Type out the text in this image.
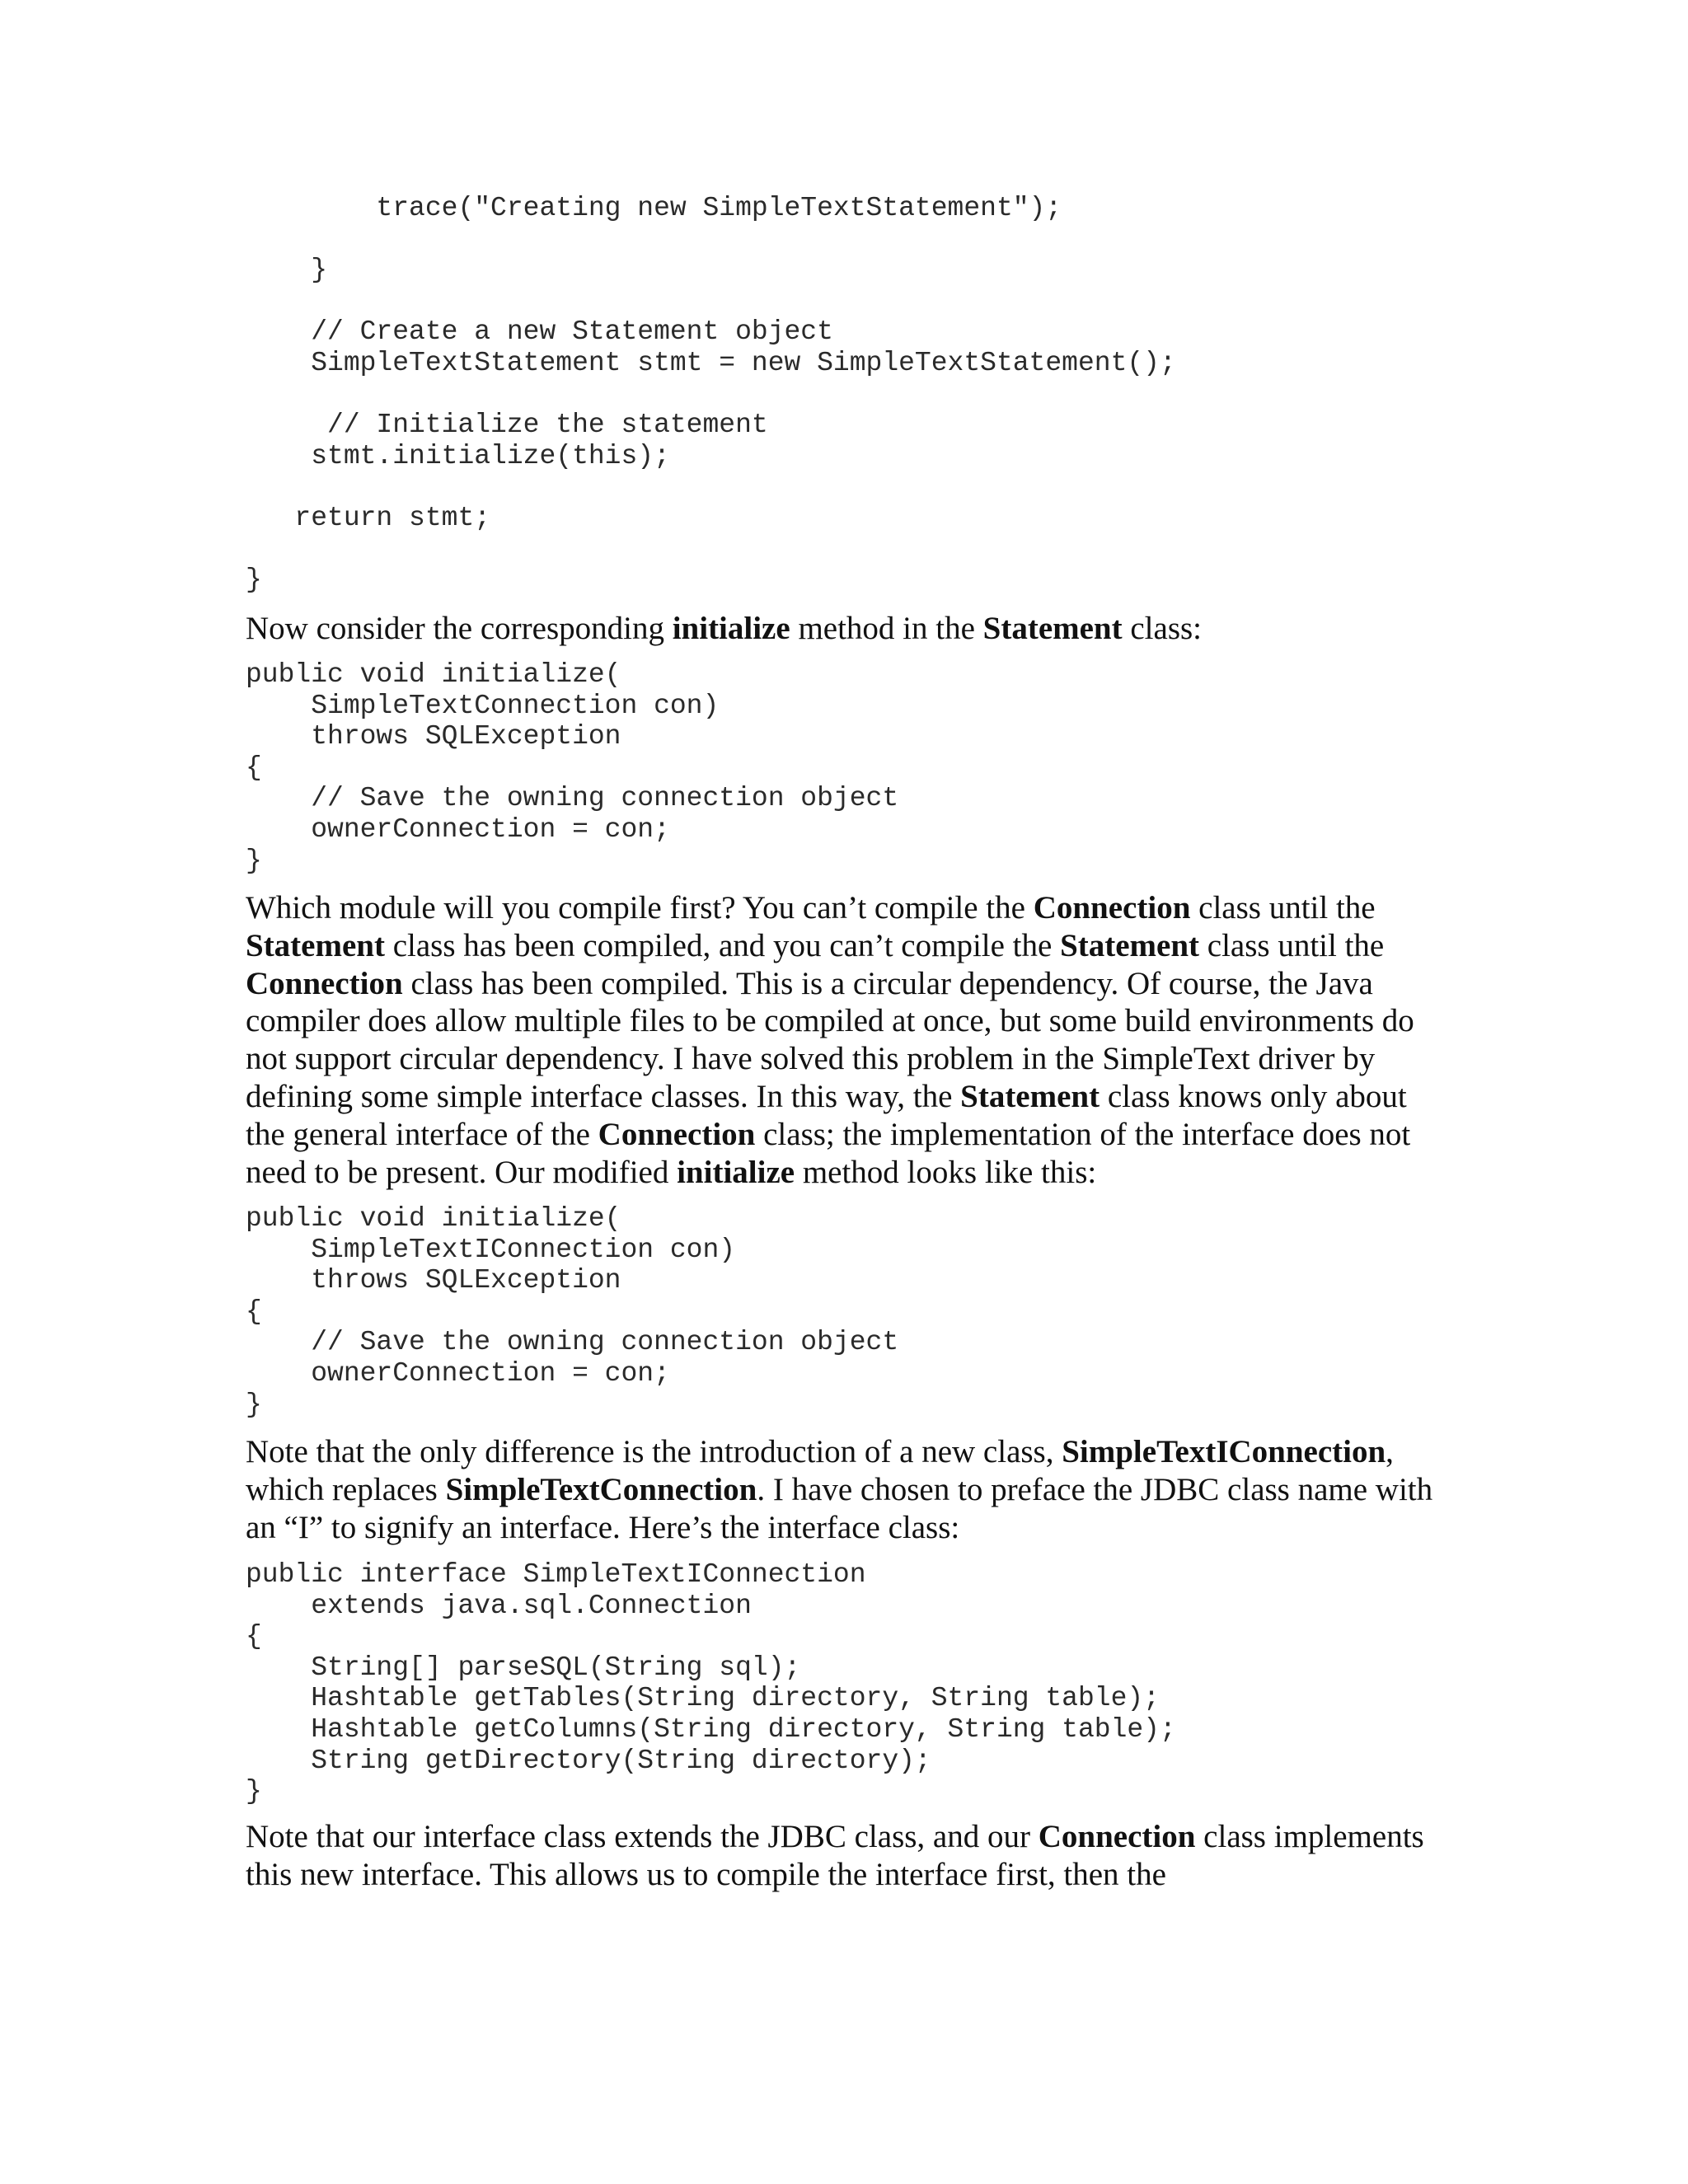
trace("Creating new SimpleTextStatement");

}

// Create a new Statement object
SimpleTextStatement stmt = new SimpleTextStatement();

// Initialize the statement
stmt.initialize(this);

return stmt;

}

Now consider the corresponding initialize method in the Statement class:

public void initialize(
SimpleTextConnection con)
throws SQLException
{
// Save the owning connection object
ownerConnection = con;
}

Which module will you compile first? You can’t compile the Connection class until the Statement class has been compiled, and you can’t compile the Statement class until the Connection class has been compiled. This is a circular dependency. Of course, the Java compiler does allow multiple files to be compiled at once, but some build environments do not support circular dependency. I have solved this problem in the SimpleText driver by defining some simple interface classes. In this way, the Statement class knows only about the general interface of the Connection class; the implementation of the interface does not need to be present. Our modified initialize method looks like this:

public void initialize(
SimpleTextIConnection con)
throws SQLException
{
// Save the owning connection object
ownerConnection = con;
}

Note that the only difference is the introduction of a new class, SimpleTextIConnection, which replaces SimpleTextConnection. I have chosen to preface the JDBC class name with an “I” to signify an interface. Here’s the interface class:

public interface SimpleTextIConnection
extends java.sql.Connection
{
String[] parseSQL(String sql);
Hashtable getTables(String directory, String table);
Hashtable getColumns(String directory, String table);
String getDirectory(String directory);
}

Note that our interface class extends the JDBC class, and our Connection class implements this new interface. This allows us to compile the interface first, then the
